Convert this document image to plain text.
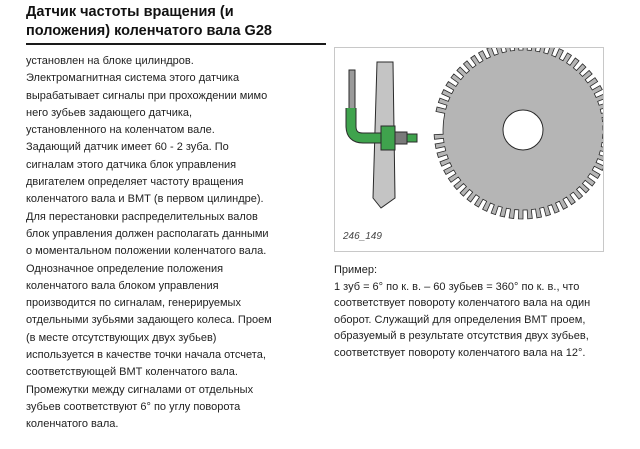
Датчик частоты вращения (и
положения) коленчатого вала G28
установлен на блоке цилиндров.
Электромагнитная система этого датчика
вырабатывает сигналы при прохождении мимо
него зубьев задающего датчика,
установленного на коленчатом вале.
Задающий датчик имеет 60 - 2 зуба. По
сигналам этого датчика блок управления
двигателем определяет частоту вращения
коленчатого вала и ВМТ (в первом цилиндре).
Для перестановки распределительных валов
блок управления должен располагать данными
о моментальном положении коленчатого вала.
Однозначное определение положения
коленчатого вала блоком управления
производится по сигналам, генерируемых
отдельными зубьями задающего колеса. Проем
(в месте отсутствующих двух зубьев)
используется в качестве точки начала отсчета,
соответствующей ВМТ коленчатого вала.
Промежутки между сигналами от отдельных
зубьев соответствуют 6° по углу поворота
коленчатого вала.
246_149
Пример:
1 зуб = 6° по к. в. – 60 зубьев = 360° по к. в., что
соответствует повороту коленчатого вала на один
оборот. Служащий для определения ВМТ проем,
образуемый в результате отсутствия двух зубьев,
соответствует повороту коленчатого вала на 12°.
